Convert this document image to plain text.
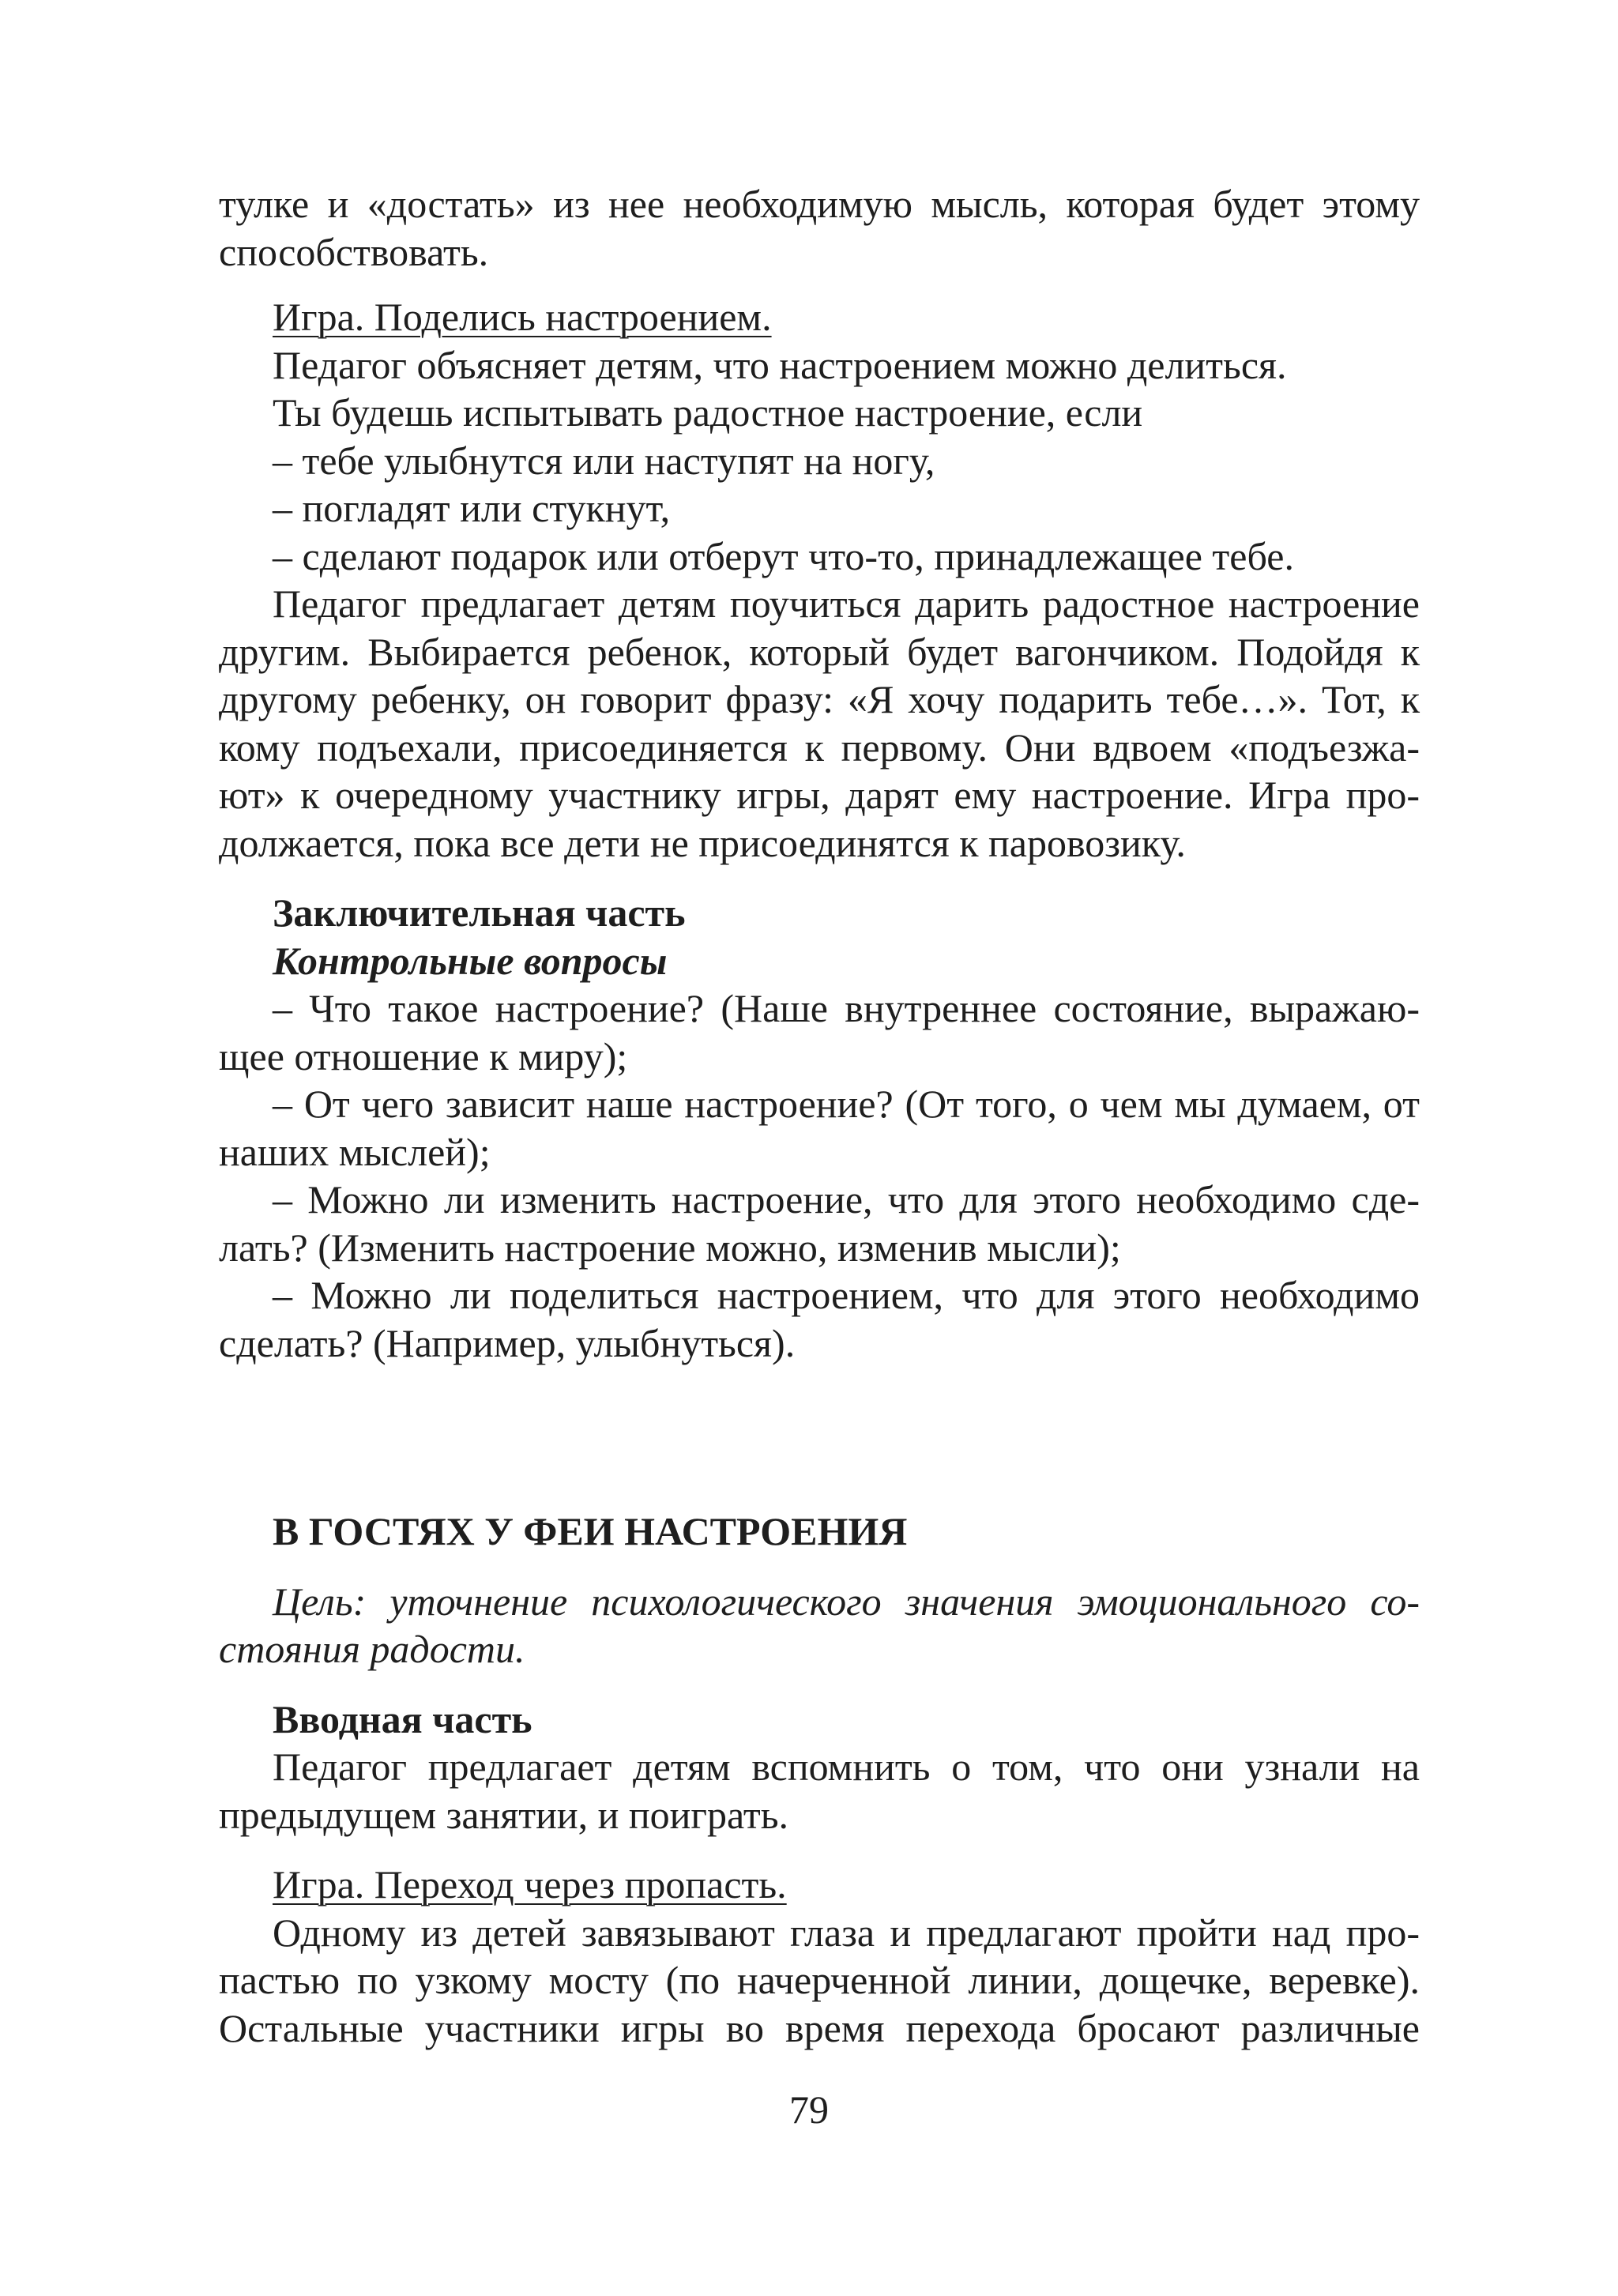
тулке и «достать» из нее необходимую мысль, которая будет этому

способствовать.

Игра. Поделись настроением.

Педагог объясняет детям, что настроением можно делиться.

Ты будешь испытывать радостное настроение, если

– тебе улыбнутся или наступят на ногу,

– погладят или стукнут,

– сделают подарок или отберут что-то, принадлежащее тебе.

Педагог предлагает детям поучиться дарить радостное настроение другим. Выбирается ребенок, который будет вагончиком. Подойдя к другому ребенку, он говорит фразу: «Я хочу подарить тебе…». Тот, к кому подъехали, присоединяется к первому. Они вдвоем «подъезжают» к очередному участнику игры, дарят ему настроение. Игра продолжается, пока все дети не присоединятся к паровозику.

Заключительная часть

Контрольные вопросы

– Что такое настроение? (Наше внутреннее состояние, выражающее отношение к миру);

– От чего зависит наше настроение? (От того, о чем мы думаем, от наших мыслей);

– Можно ли изменить настроение, что для этого необходимо сделать? (Изменить настроение можно, изменив мысли);

– Можно ли поделиться настроением, что для этого необходимо сделать? (Например, улыбнуться).

В ГОСТЯХ У ФЕИ НАСТРОЕНИЯ

Цель: уточнение психологического значения эмоционального состояния радости.

Вводная часть

Педагог предлагает детям вспомнить о том, что они узнали на предыдущем занятии, и поиграть.

Игра. Переход через пропасть.

Одному из детей завязывают глаза и предлагают пройти над пропастью по узкому мосту (по начерченной линии, дощечке, веревке). Остальные участники игры во время перехода бросают различные

79
